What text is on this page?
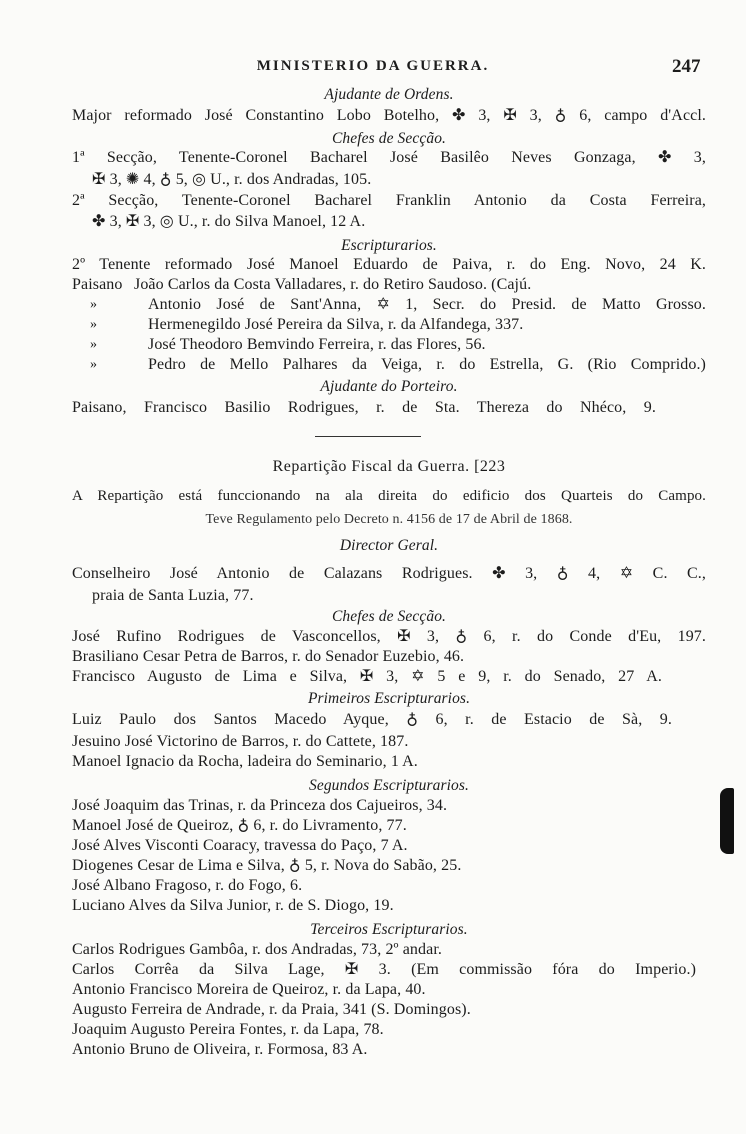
MINISTERIO DA GUERRA.	247
Ajudante de Ordens.
Major reformado José Constantino Lobo Botelho, ✤ 3, ✠ 3, ♁ 6, campo d'Accl.
Chefes de Secção.
1ª Secção, Tenente-Coronel Bacharel José Basilêo Neves Gonzaga, ✤ 3,
✠ 3, ✺ 4, ♁ 5, ◎ U., r. dos Andradas, 105.
2ª Secção, Tenente-Coronel Bacharel Franklin Antonio da Costa Ferreira,
✤ 3, ✠ 3, ◎ U., r. do Silva Manoel, 12 A.
Escripturarios.
2º Tenente reformado José Manoel Eduardo de Paiva, r. do Eng. Novo, 24 K.
Paisano João Carlos da Costa Valladares, r. do Retiro Saudoso. (Cajú.
»	Antonio José de Sant'Anna, ✡ 1, Secr. do Presid. de Matto Grosso.
»	Hermenegildo José Pereira da Silva, r. da Alfandega, 337.
»	José Theodoro Bemvindo Ferreira, r. das Flores, 56.
»	Pedro de Mello Palhares da Veiga, r. do Estrella, G. (Rio Comprido.)
Ajudante do Porteiro.
Paisano, Francisco Basilio Rodrigues, r. de Sta. Thereza do Nhéco, 9.
Repartição Fiscal da Guerra. [223
A Repartição está funccionando na ala direita do edificio dos Quarteis do Campo.
Teve Regulamento pelo Decreto n. 4156 de 17 de Abril de 1868.
Director Geral.
Conselheiro José Antonio de Calazans Rodrigues. ✤ 3, ♁ 4, ✡ C. C.,
praia de Santa Luzia, 77.
Chefes de Secção.
José Rufino Rodrigues de Vasconcellos, ✠ 3, ♁ 6, r. do Conde d'Eu, 197.
Brasiliano Cesar Petra de Barros, r. do Senador Euzebio, 46.
Francisco Augusto de Lima e Silva, ✠ 3, ✡ 5 e 9, r. do Senado, 27 A.
Primeiros Escripturarios.
Luiz Paulo dos Santos Macedo Ayque, ♁ 6, r. de Estacio de Sà, 9.
Jesuino José Victorino de Barros, r. do Cattete, 187.
Manoel Ignacio da Rocha, ladeira do Seminario, 1 A.
Segundos Escripturarios.
José Joaquim das Trinas, r. da Princeza dos Cajueiros, 34.
Manoel José de Queiroz, ♁ 6, r. do Livramento, 77.
José Alves Visconti Coaracy, travessa do Paço, 7 A.
Diogenes Cesar de Lima e Silva, ♁ 5, r. Nova do Sabão, 25.
José Albano Fragoso, r. do Fogo, 6.
Luciano Alves da Silva Junior, r. de S. Diogo, 19.
Terceiros Escripturarios.
Carlos Rodrigues Gambôa, r. dos Andradas, 73, 2º andar.
Carlos Corrêa da Silva Lage, ✠ 3. (Em commissão fóra do Imperio.)
Antonio Francisco Moreira de Queiroz, r. da Lapa, 40.
Augusto Ferreira de Andrade, r. da Praia, 341 (S. Domingos).
Joaquim Augusto Pereira Fontes, r. da Lapa, 78.
Antonio Bruno de Oliveira, r. Formosa, 83 A.
